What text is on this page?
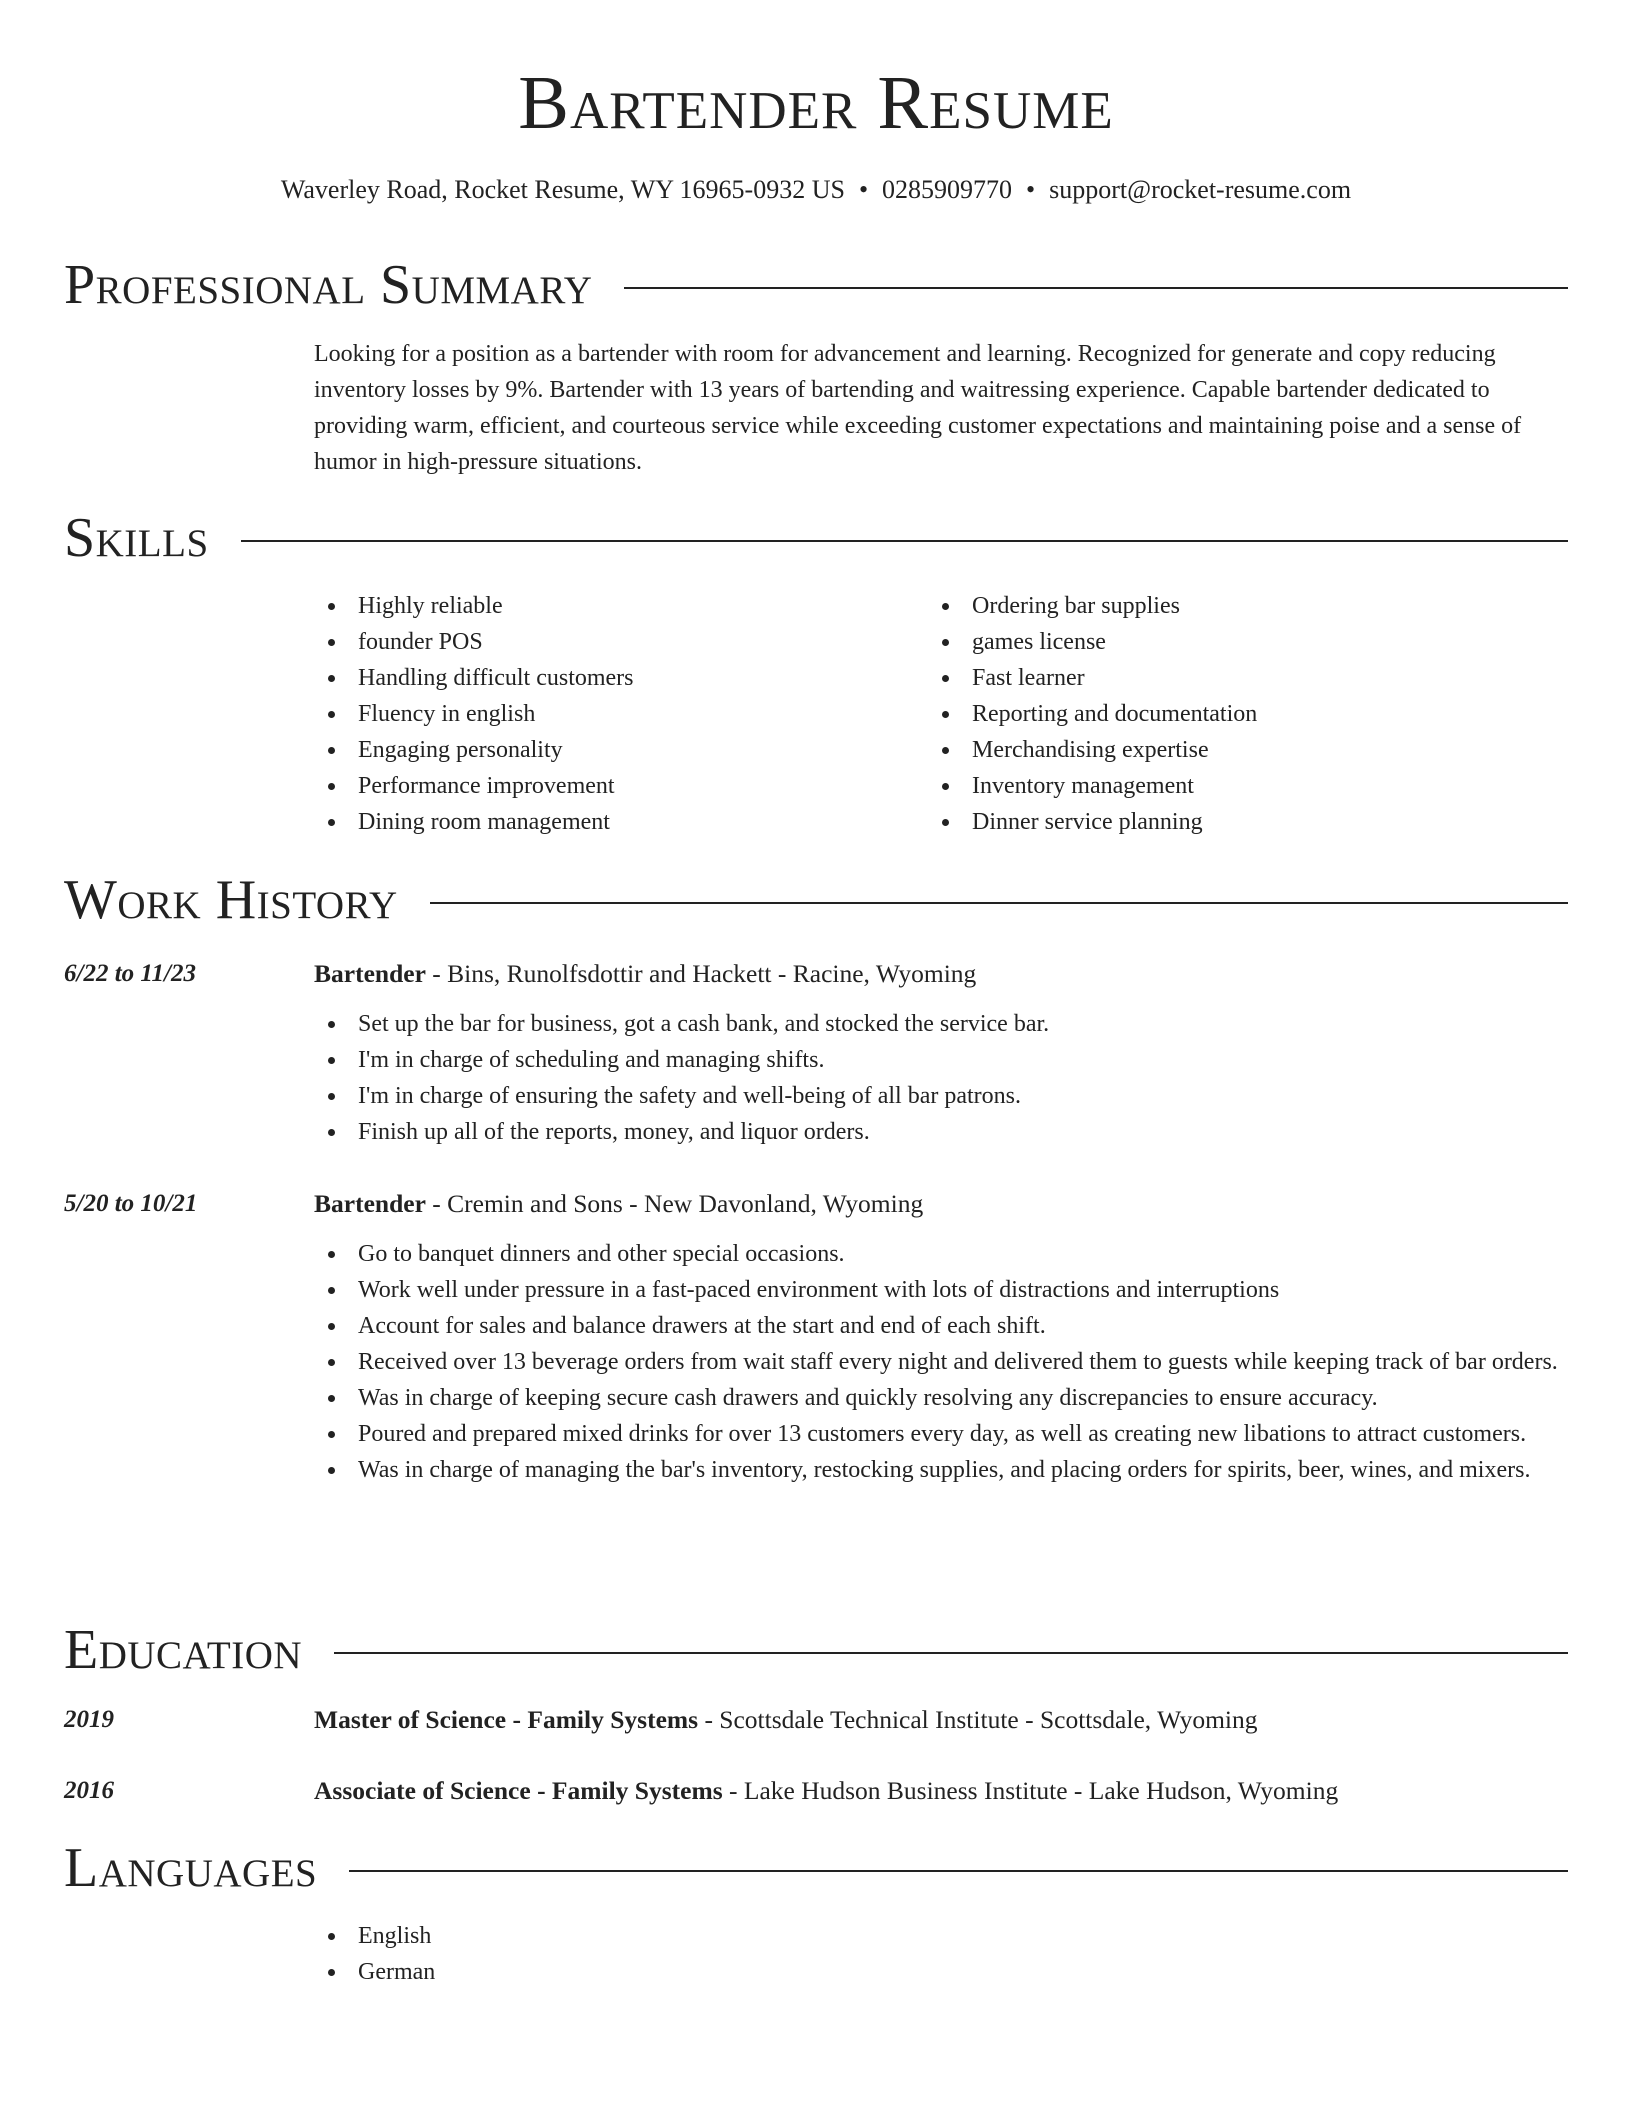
Bartender Resume
Waverley Road, Rocket Resume, WY 16965-0932 US • 0285909770 • support@rocket-resume.com
Professional Summary

Looking for a position as a bartender with room for advancement and learning. Recognized for generate and copy reducing inventory losses by 9%. Bartender with 13 years of bartending and waitressing experience. Capable bartender dedicated to providing warm, efficient, and courteous service while exceeding customer expectations and maintaining poise and a sense of humor in high-pressure situations.

Skills
Highly reliable
founder POS
Handling difficult customers
Fluency in english
Engaging personality
Performance improvement
Dining room management
Ordering bar supplies
games license
Fast learner
Reporting and documentation
Merchandising expertise
Inventory management
Dinner service planning
Work History
6/22 to 11/23	Bartender - Bins, Runolfsdottir and Hackett - Racine, Wyoming
Set up the bar for business, got a cash bank, and stocked the service bar.
I'm in charge of scheduling and managing shifts.
I'm in charge of ensuring the safety and well-being of all bar patrons.
Finish up all of the reports, money, and liquor orders.
5/20 to 10/21	Bartender - Cremin and Sons - New Davonland, Wyoming
Go to banquet dinners and other special occasions.
Work well under pressure in a fast-paced environment with lots of distractions and interruptions
Account for sales and balance drawers at the start and end of each shift.
Received over 13 beverage orders from wait staff every night and delivered them to guests while keeping track of bar orders.
Was in charge of keeping secure cash drawers and quickly resolving any discrepancies to ensure accuracy.
Poured and prepared mixed drinks for over 13 customers every day, as well as creating new libations to attract customers.
Was in charge of managing the bar's inventory, restocking supplies, and placing orders for spirits, beer, wines, and mixers.
Education
2019	Master of Science - Family Systems - Scottsdale Technical Institute - Scottsdale, Wyoming
2016	Associate of Science - Family Systems - Lake Hudson Business Institute - Lake Hudson, Wyoming
Languages
English
German
